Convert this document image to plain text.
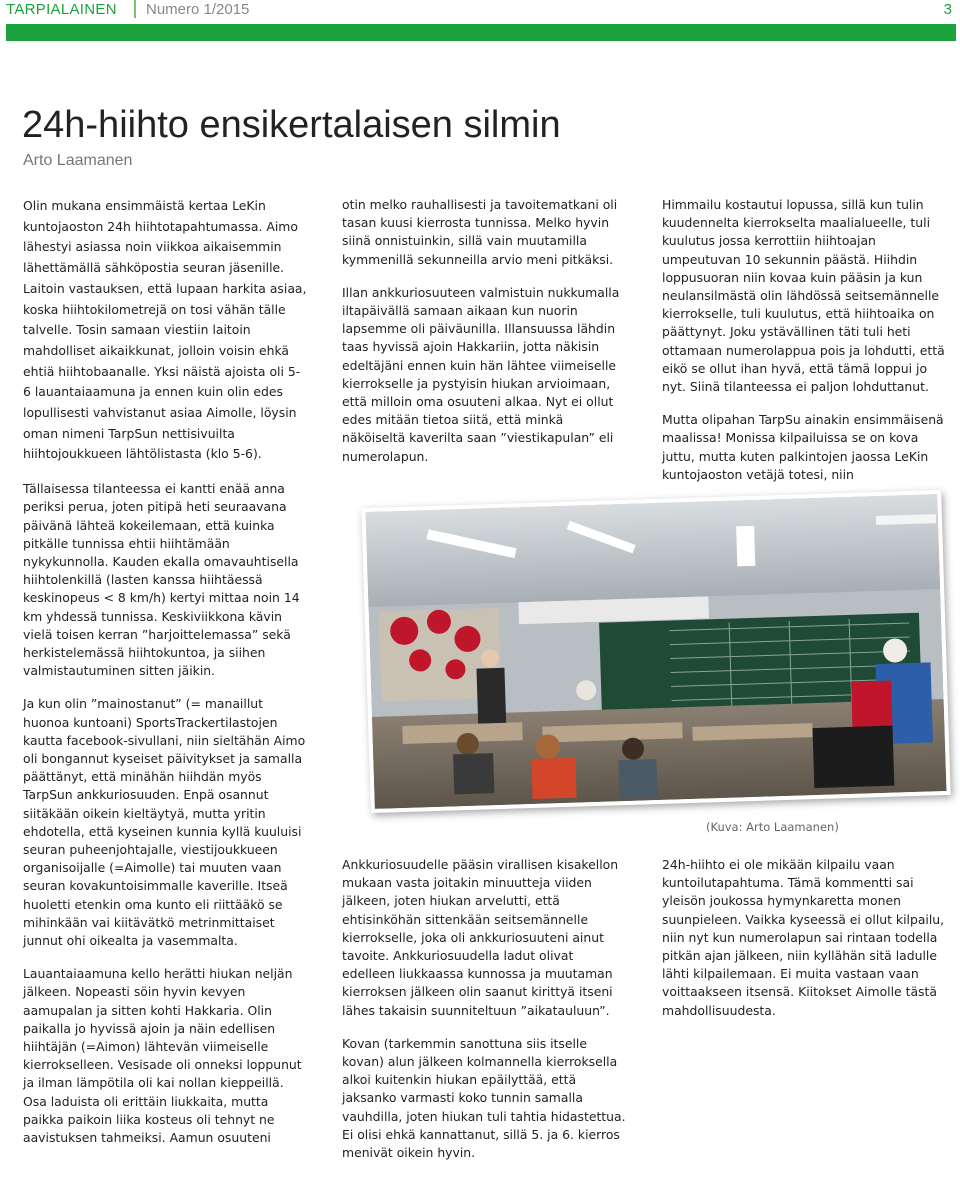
TARPIALAINEN Numero 1/2015	3
24h-hiihto ensikertalaisen silmin
Arto Laamanen

Olin mukana ensimmäistä kertaa LeKin kuntojaoston 24h hiihtotapahtumassa. Aimo lähestyi asiassa noin viikkoa aikaisemmin lähettämällä sähköpostia seuran jäsenille. Laitoin vastauksen, että lupaan harkita asiaa, koska hiihtokilometrejä on tosi vähän tälle talvelle. Tosin samaan viestiin laitoin mahdolliset aikaikkunat, jolloin voisin ehkä ehtiä hiihtobaanalle. Yksi näistä ajoista oli 5-6 lauantaiaamuna ja ennen kuin olin edes lopullisesti vahvistanut asiaa Aimolle, löysin oman nimeni TarpSun nettisivuilta hiihtojoukkueen lähtölistasta (klo 5-6).

Tällaisessa tilanteessa ei kantti enää anna periksi perua, joten pitipä heti seuraavana päivänä lähteä kokeilemaan, että kuinka pitkälle tunnissa ehtii hiihtämään nykykunnolla. Kauden ekalla omavauhtisella hiihtolenkillä (lasten kanssa hiihtäessä keskinopeus < 8 km/h) kertyi mittaa noin 14 km yhdessä tunnissa. Keskiviikkona kävin vielä toisen kerran ”harjoittelemassa” sekä herkistelemässä hiihtokuntoa, ja siihen valmistautuminen sitten jäikin.

Ja kun olin ”mainostanut” (= manaillut huonoa kuntoani) SportsTrackertilastojen kautta facebook-sivullani, niin sieltähän Aimo oli bongannut kyseiset päivitykset ja samalla päättänyt, että minähän hiihdän myös TarpSun ankkuriosuuden. Enpä osannut siitäkään oikein kieltäytyä, mutta yritin ehdotella, että kyseinen kunnia kyllä kuuluisi seuran puheenjohtajalle, viestijoukkueen organisoijalle (=Aimolle) tai muuten vaan seuran kovakuntoisimmalle kaverille. Itseä huoletti etenkin oma kunto eli riittääkö se mihinkään vai kiitävätkö metrinmittaiset junnut ohi oikealta ja vasemmalta.

Lauantaiaamuna kello herätti hiukan neljän jälkeen. Nopeasti söin hyvin kevyen aamupalan ja sitten kohti Hakkaria. Olin paikalla jo hyvissä ajoin ja näin edellisen hiihtäjän (=Aimon) lähtevän viimeiselle kierrokselleen. Vesisade oli onneksi loppunut ja ilman lämpötila oli kai nollan kieppeillä. Osa laduista oli erittäin liukkaita, mutta paikka paikoin liika kosteus oli tehnyt ne aavistuksen tahmeiksi. Aamun osuuteni

otin melko rauhallisesti ja tavoitematkani oli tasan kuusi kierrosta tunnissa. Melko hyvin siinä onnistuinkin, sillä vain muutamilla kymmenillä sekunneilla arvio meni pitkäksi.

Illan ankkuriosuuteen valmistuin nukkumalla iltapäivällä samaan aikaan kun nuorin lapsemme oli päiväunilla. Illansuussa lähdin taas hyvissä ajoin Hakkariin, jotta näkisin edeltäjäni ennen kuin hän lähtee viimeiselle kierrokselle ja pystyisin hiukan arvioimaan, että milloin oma osuuteni alkaa. Nyt ei ollut edes mitään tietoa siitä, että minkä näköiseltä kaverilta saan ”viestikapulan” eli numerolapun.

Himmailu kostautui lopussa, sillä kun tulin kuudennelta kierrokselta maalialueelle, tuli kuulutus jossa kerrottiin hiihtoajan umpeutuvan 10 sekunnin päästä. Hiihdin loppusuoran niin kovaa kuin pääsin ja kun neulansilmästä olin lähdössä seitsemännelle kierrokselle, tuli kuulutus, että hiihtoaika on päättynyt. Joku ystävällinen täti tuli heti ottamaan numerolappua pois ja lohdutti, että eikö se ollut ihan hyvä, että tämä loppui jo nyt. Siinä tilanteessa ei paljon lohduttanut.

Mutta olipahan TarpSu ainakin ensimmäisenä maalissa! Monissa kilpailuissa se on kova juttu, mutta kuten palkintojen jaossa LeKin kuntojaoston vetäjä totesi, niin

(Kuva: Arto Laamanen)

Ankkuriosuudelle pääsin virallisen kisakellon mukaan vasta joitakin minuutteja viiden jälkeen, joten hiukan arvelutti, että ehtisinköhän sittenkään seitsemännelle kierrokselle, joka oli ankkuriosuuteni ainut tavoite. Ankkuriosuudella ladut olivat edelleen liukkaassa kunnossa ja muutaman kierroksen jälkeen olin saanut kirittyä itseni lähes takaisin suunniteltuun ”aikatauluun”.

Kovan (tarkemmin sanottuna siis itselle kovan) alun jälkeen kolmannella kierroksella alkoi kuitenkin hiukan epäilyttää, että jaksanko varmasti koko tunnin samalla vauhdilla, joten hiukan tuli tahtia hidastettua. Ei olisi ehkä kannattanut, sillä 5. ja 6. kierros menivät oikein hyvin.

24h-hiihto ei ole mikään kilpailu vaan kuntoilutapahtuma. Tämä kommentti sai yleisön joukossa hymynkaretta monen suunpieleen. Vaikka kyseessä ei ollut kilpailu, niin nyt kun numerolapun sai rintaan todella pitkän ajan jälkeen, niin kyllähän sitä ladulle lähti kilpailemaan. Ei muita vastaan vaan voittaakseen itsensä. Kiitokset Aimolle tästä mahdollisuudesta.
